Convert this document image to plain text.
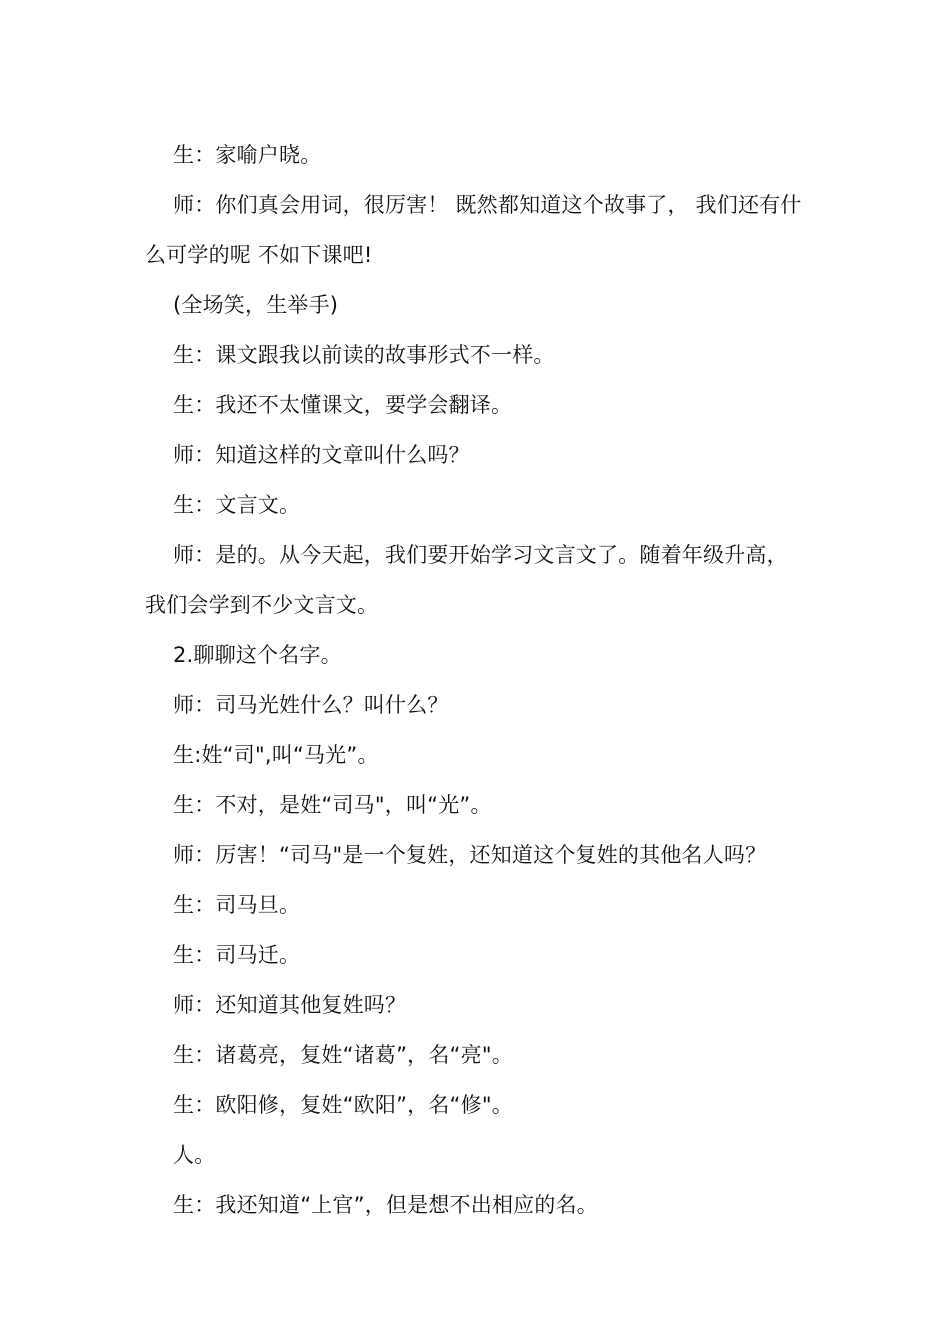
生：家喻户晓。

师：你们真会用词，很厉害！ 既然都知道这个故事了， 我们还有什么可学的呢 不如下课吧!

(全场笑，生举手)

生：课文跟我以前读的故事形式不一样。

生：我还不太懂课文，要学会翻译。

师：知道这样的文章叫什么吗？

生：文言文。

师：是的。从今天起，我们要开始学习文言文了。随着年级升高，我们会学到不少文言文。

2.聊聊这个名字。

师：司马光姓什么？叫什么？

生:姓“司",叫“马光”。

生：不对，是姓“司马"，叫“光”。

师：厉害！“司马"是一个复姓，还知道这个复姓的其他名人吗？

生：司马旦。

生：司马迁。

师：还知道其他复姓吗？

生：诸葛亮，复姓“诸葛”，名“亮"。

生：欧阳修，复姓“欧阳”，名“修"。

人。

生：我还知道“上官”，但是想不出相应的名。
